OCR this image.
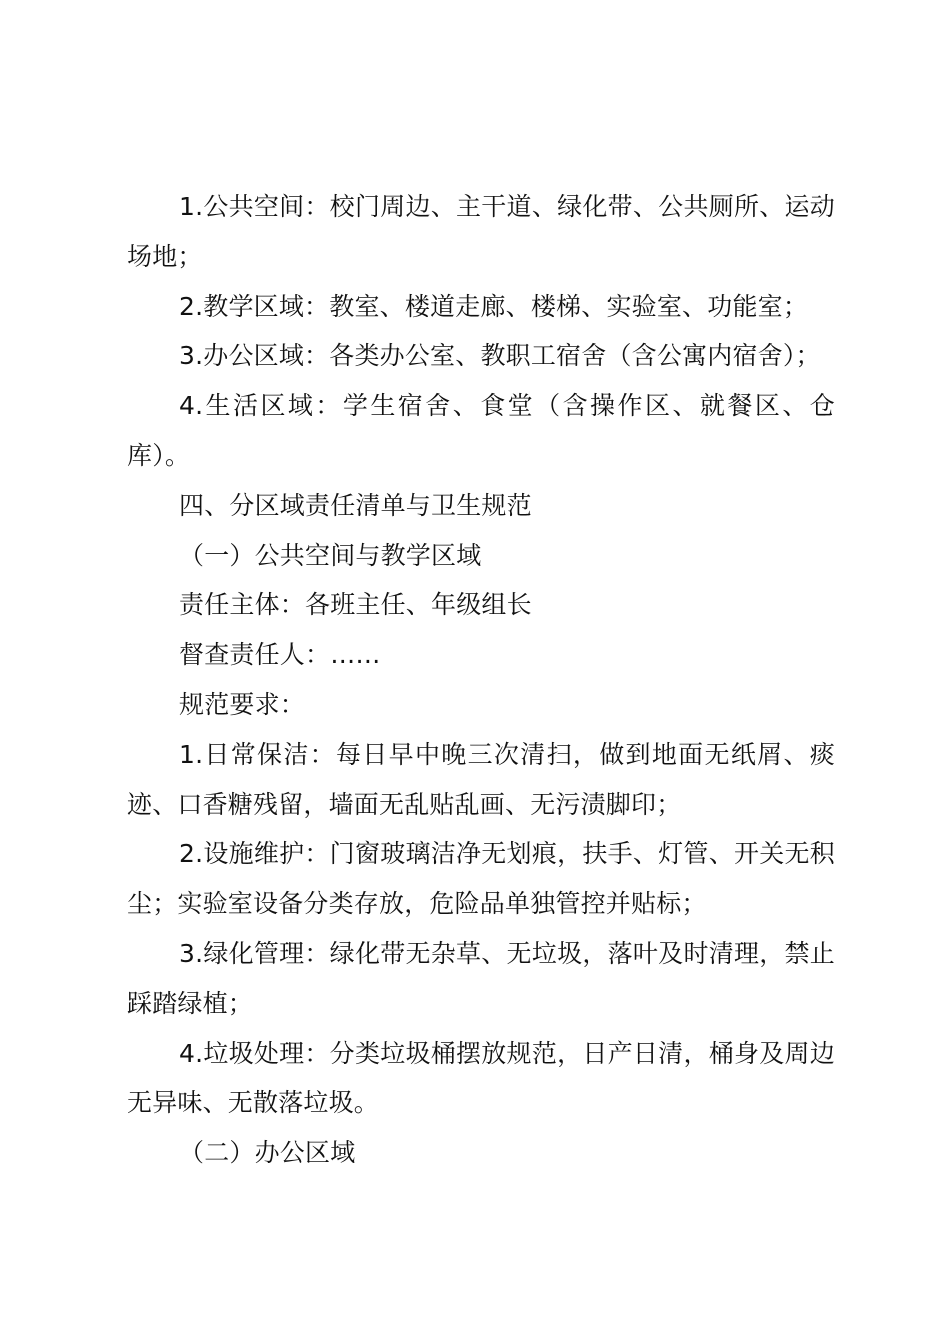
1.公共空间：校门周边、主干道、绿化带、公共厕所、运动场地；

2.教学区域：教室、楼道走廊、楼梯、实验室、功能室；

3.办公区域：各类办公室、教职工宿舍（含公寓内宿舍）；

4.生活区域：学生宿舍、食堂（含操作区、就餐区、仓库）。

四、分区域责任清单与卫生规范

（一）公共空间与教学区域

责任主体：各班主任、年级组长

督查责任人：……

规范要求：

1.日常保洁：每日早中晚三次清扫，做到地面无纸屑、痰迹、口香糖残留，墙面无乱贴乱画、无污渍脚印；

2.设施维护：门窗玻璃洁净无划痕，扶手、灯管、开关无积尘；实验室设备分类存放，危险品单独管控并贴标；

3.绿化管理：绿化带无杂草、无垃圾，落叶及时清理，禁止踩踏绿植；

4.垃圾处理：分类垃圾桶摆放规范，日产日清，桶身及周边无异味、无散落垃圾。

（二）办公区域
